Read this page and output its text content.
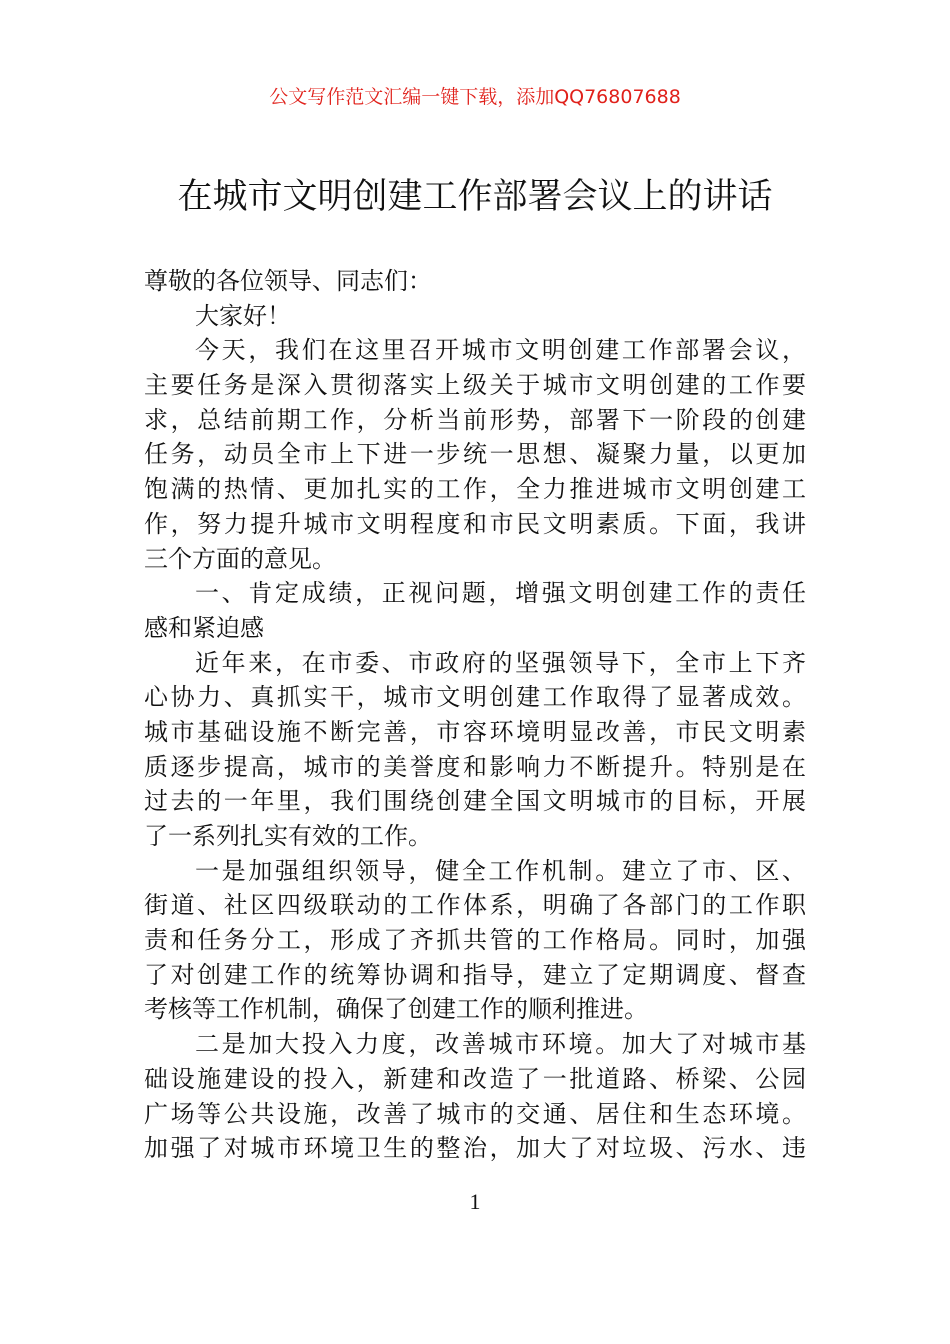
公文写作范文汇编一键下载，添加QQ76807688
在城市文明创建工作部署会议上的讲话
尊敬的各位领导、同志们：
大家好！
今天，我们在这里召开城市文明创建工作部署会议，
主要任务是深入贯彻落实上级关于城市文明创建的工作要
求，总结前期工作，分析当前形势，部署下一阶段的创建
任务，动员全市上下进一步统一思想、凝聚力量，以更加
饱满的热情、更加扎实的工作，全力推进城市文明创建工
作，努力提升城市文明程度和市民文明素质。下面，我讲
三个方面的意见。
一、肯定成绩，正视问题，增强文明创建工作的责任
感和紧迫感
近年来，在市委、市政府的坚强领导下，全市上下齐
心协力、真抓实干，城市文明创建工作取得了显著成效。
城市基础设施不断完善，市容环境明显改善，市民文明素
质逐步提高，城市的美誉度和影响力不断提升。特别是在
过去的一年里，我们围绕创建全国文明城市的目标，开展
了一系列扎实有效的工作。
一是加强组织领导，健全工作机制。建立了市、区、
街道、社区四级联动的工作体系，明确了各部门的工作职
责和任务分工，形成了齐抓共管的工作格局。同时，加强
了对创建工作的统筹协调和指导，建立了定期调度、督查
考核等工作机制，确保了创建工作的顺利推进。
二是加大投入力度，改善城市环境。加大了对城市基
础设施建设的投入，新建和改造了一批道路、桥梁、公园
广场等公共设施，改善了城市的交通、居住和生态环境。
加强了对城市环境卫生的整治，加大了对垃圾、污水、违
1
